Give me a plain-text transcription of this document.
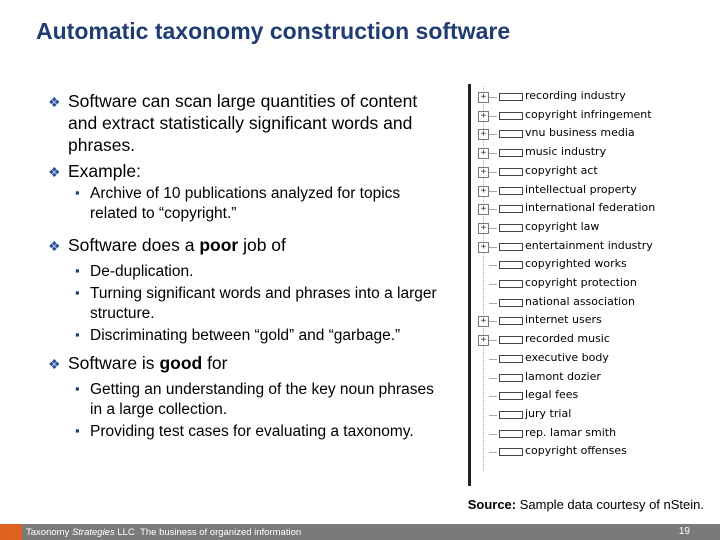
Automatic taxonomy construction software
❖ Software can scan large quantities of content and extract statistically significant words and phrases.
❖ Example:
▪ Archive of 10 publications analyzed for topics related to “copyright.”
❖ Software does a poor job of
▪ De-duplication.
▪ Turning significant words and phrases into a larger structure.
▪ Discriminating between “gold” and “garbage.”
❖ Software is good for
▪ Getting an understanding of the key noun phrases in a large collection.
▪ Providing test cases for evaluating a taxonomy.
+	recording industry
+	copyright infringement
+	vnu business media
+	music industry
+	copyright act
+	intellectual property
+	international federation
+	copyright law
+	entertainment industry
copyrighted works
copyright protection
national association
+	internet users
+	recorded music
executive body
lamont dozier
legal fees
jury trial
rep. lamar smith
copyright offenses
Source: Sample data courtesy of nStein.
Taxonomy Strategies LLC The business of organized information	19
